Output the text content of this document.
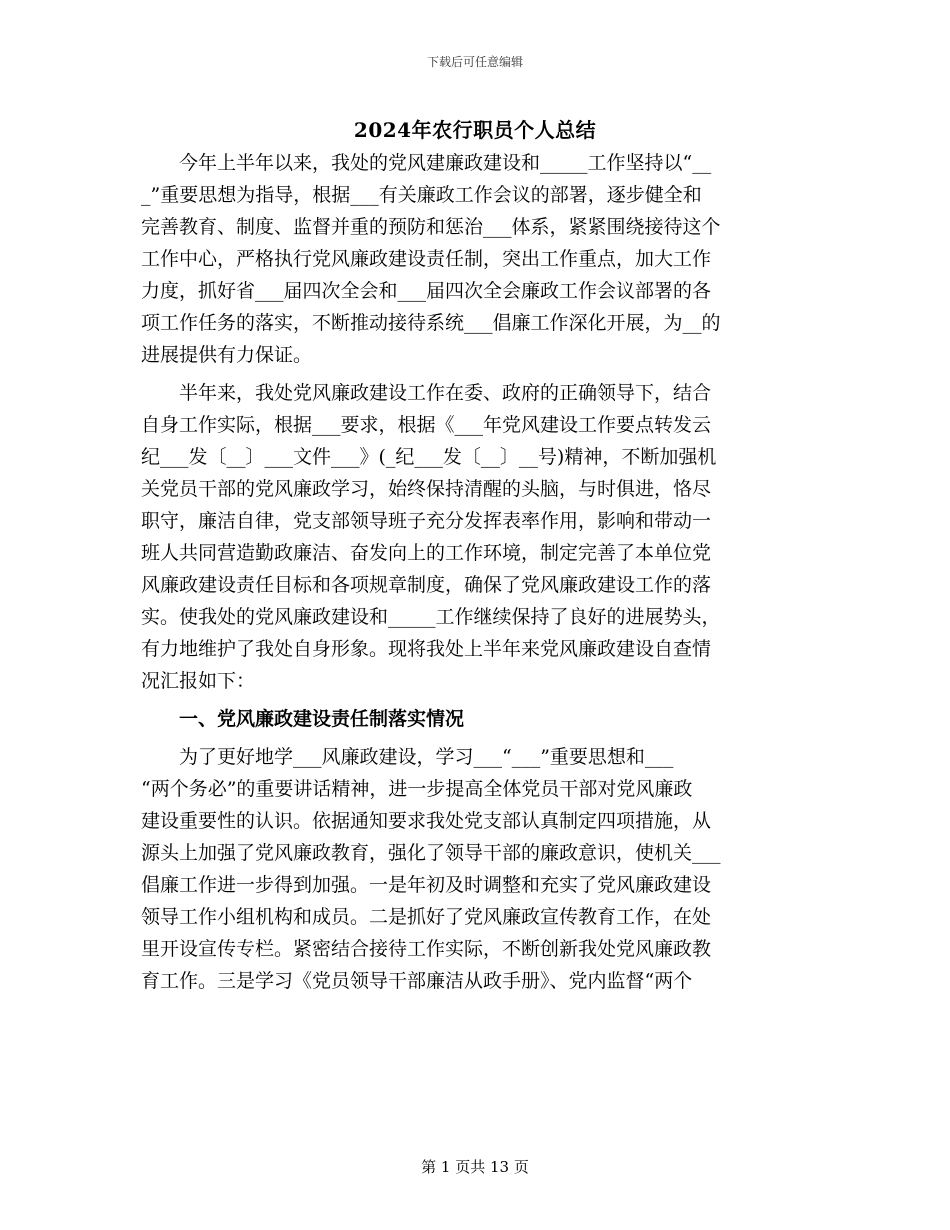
下载后可任意编辑
2024年农行职员个人总结
今年上半年以来，我处的党风建廉政建设和_____工作坚持以“__
_”重要思想为指导，根据___有关廉政工作会议的部署，逐步健全和
完善教育、制度、监督并重的预防和惩治___体系，紧紧围绕接待这个
工作中心，严格执行党风廉政建设责任制，突出工作重点，加大工作
力度，抓好省___届四次全会和___届四次全会廉政工作会议部署的各
项工作任务的落实，不断推动接待系统___倡廉工作深化开展，为__的
进展提供有力保证。
半年来，我处党风廉政建设工作在委、政府的正确领导下，结合
自身工作实际，根据___要求，根据《___年党风建设工作要点转发云
纪___发〔__〕___文件___》(_纪___发〔__〕__号)精神，不断加强机
关党员干部的党风廉政学习，始终保持清醒的头脑，与时俱进，恪尽
职守，廉洁自律，党支部领导班子充分发挥表率作用，影响和带动一
班人共同营造勤政廉洁、奋发向上的工作环境，制定完善了本单位党
风廉政建设责任目标和各项规章制度，确保了党风廉政建设工作的落
实。使我处的党风廉政建设和_____工作继续保持了良好的进展势头，
有力地维护了我处自身形象。现将我处上半年来党风廉政建设自查情
况汇报如下：
一、党风廉政建设责任制落实情况
为了更好地学___风廉政建设，学习___“___”重要思想和___
“两个务必”的重要讲话精神，进一步提高全体党员干部对党风廉政
建设重要性的认识。依据通知要求我处党支部认真制定四项措施，从
源头上加强了党风廉政教育，强化了领导干部的廉政意识，使机关___
倡廉工作进一步得到加强。一是年初及时调整和充实了党风廉政建设
领导工作小组机构和成员。二是抓好了党风廉政宣传教育工作，在处
里开设宣传专栏。紧密结合接待工作实际，不断创新我处党风廉政教
育工作。三是学习《党员领导干部廉洁从政手册》、党内监督“两个
第 1 页共 13 页
